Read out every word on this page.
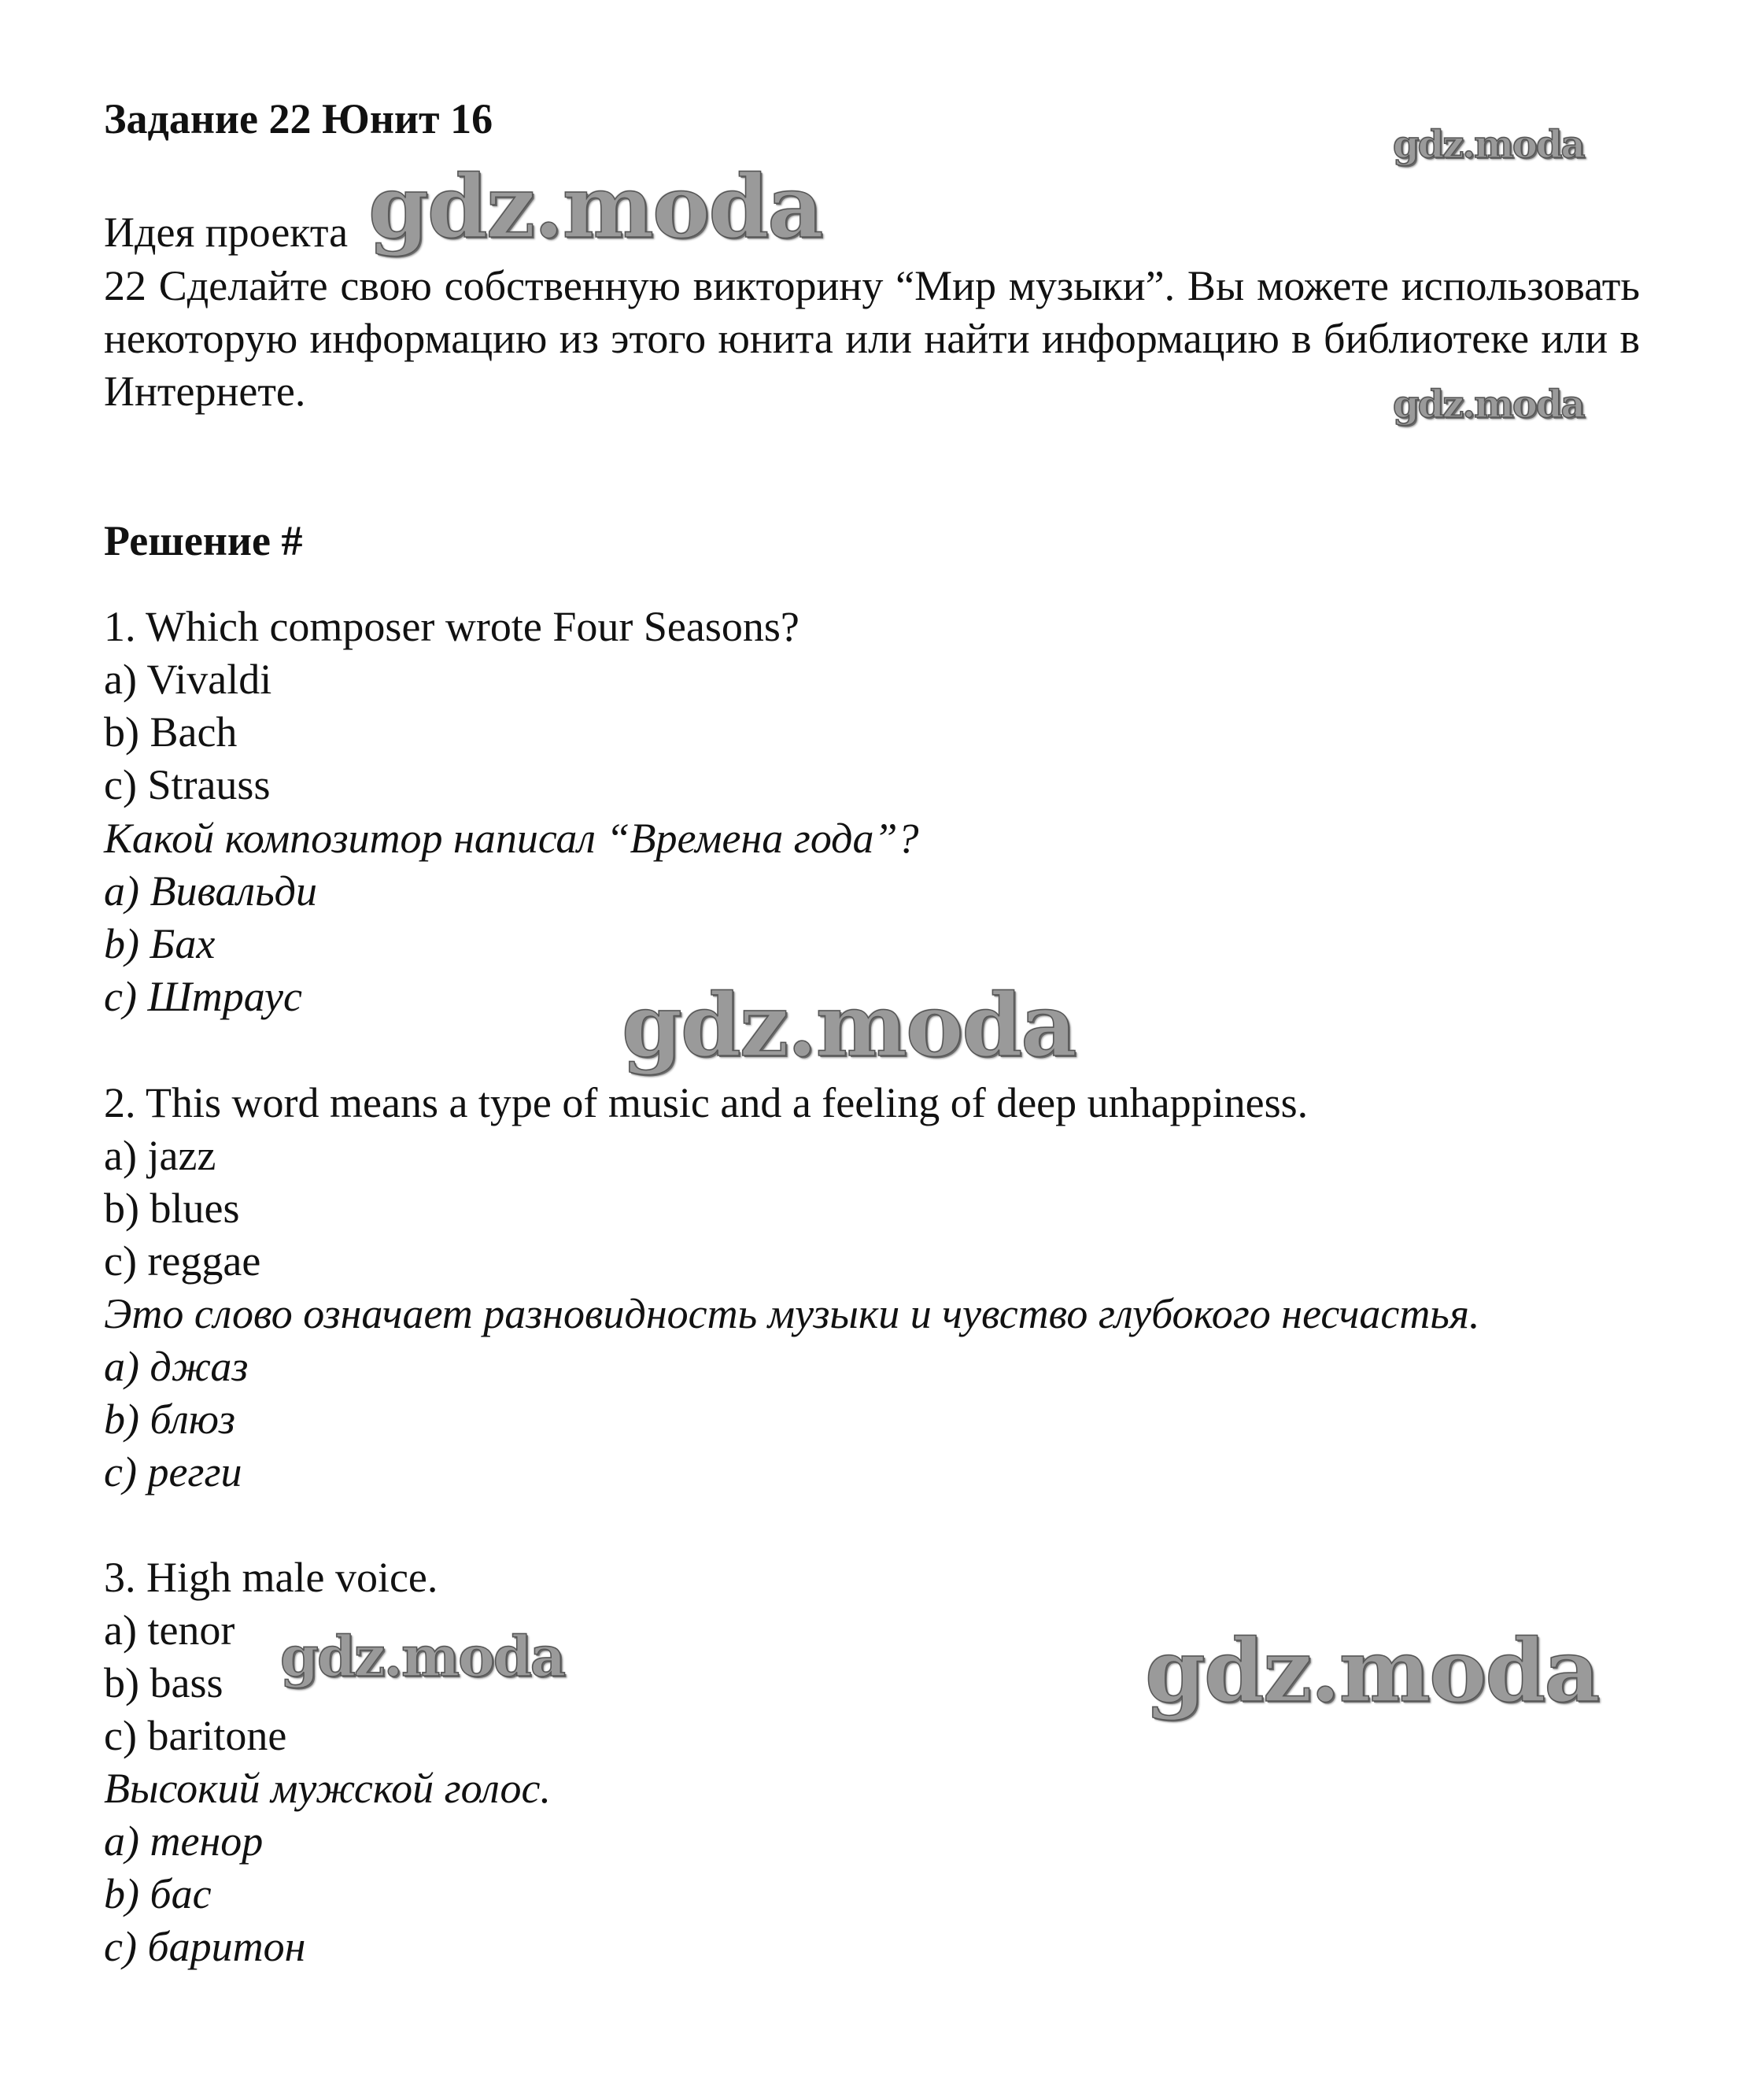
Задание 22 Юнит 16
Идея проекта
22 Сделайте свою собственную викторину “Мир музыки”. Вы можете использовать некоторую информацию из этого юнита или найти информацию в библиотеке или в Интернете.
Решение #
1. Which composer wrote Four Seasons?
a) Vivaldi
b) Bach
c) Strauss
Какой композитор написал “Времена года”?
a) Вивальди
b) Бах
c) Штраус
2. This word means a type of music and a feeling of deep unhappiness.
a) jazz
b) blues
c) reggae
Это слово означает разновидность музыки и чувство глубокого несчастья.
a) джаз
b) блюз
c) регги
3. High male voice.
a) tenor
b) bass
c) baritone
Высокий мужской голос.
a) тенор
b) бас
c) баритон
gdz.moda
gdz.moda
gdz.moda
gdz.moda
gdz.moda	gdz.moda
